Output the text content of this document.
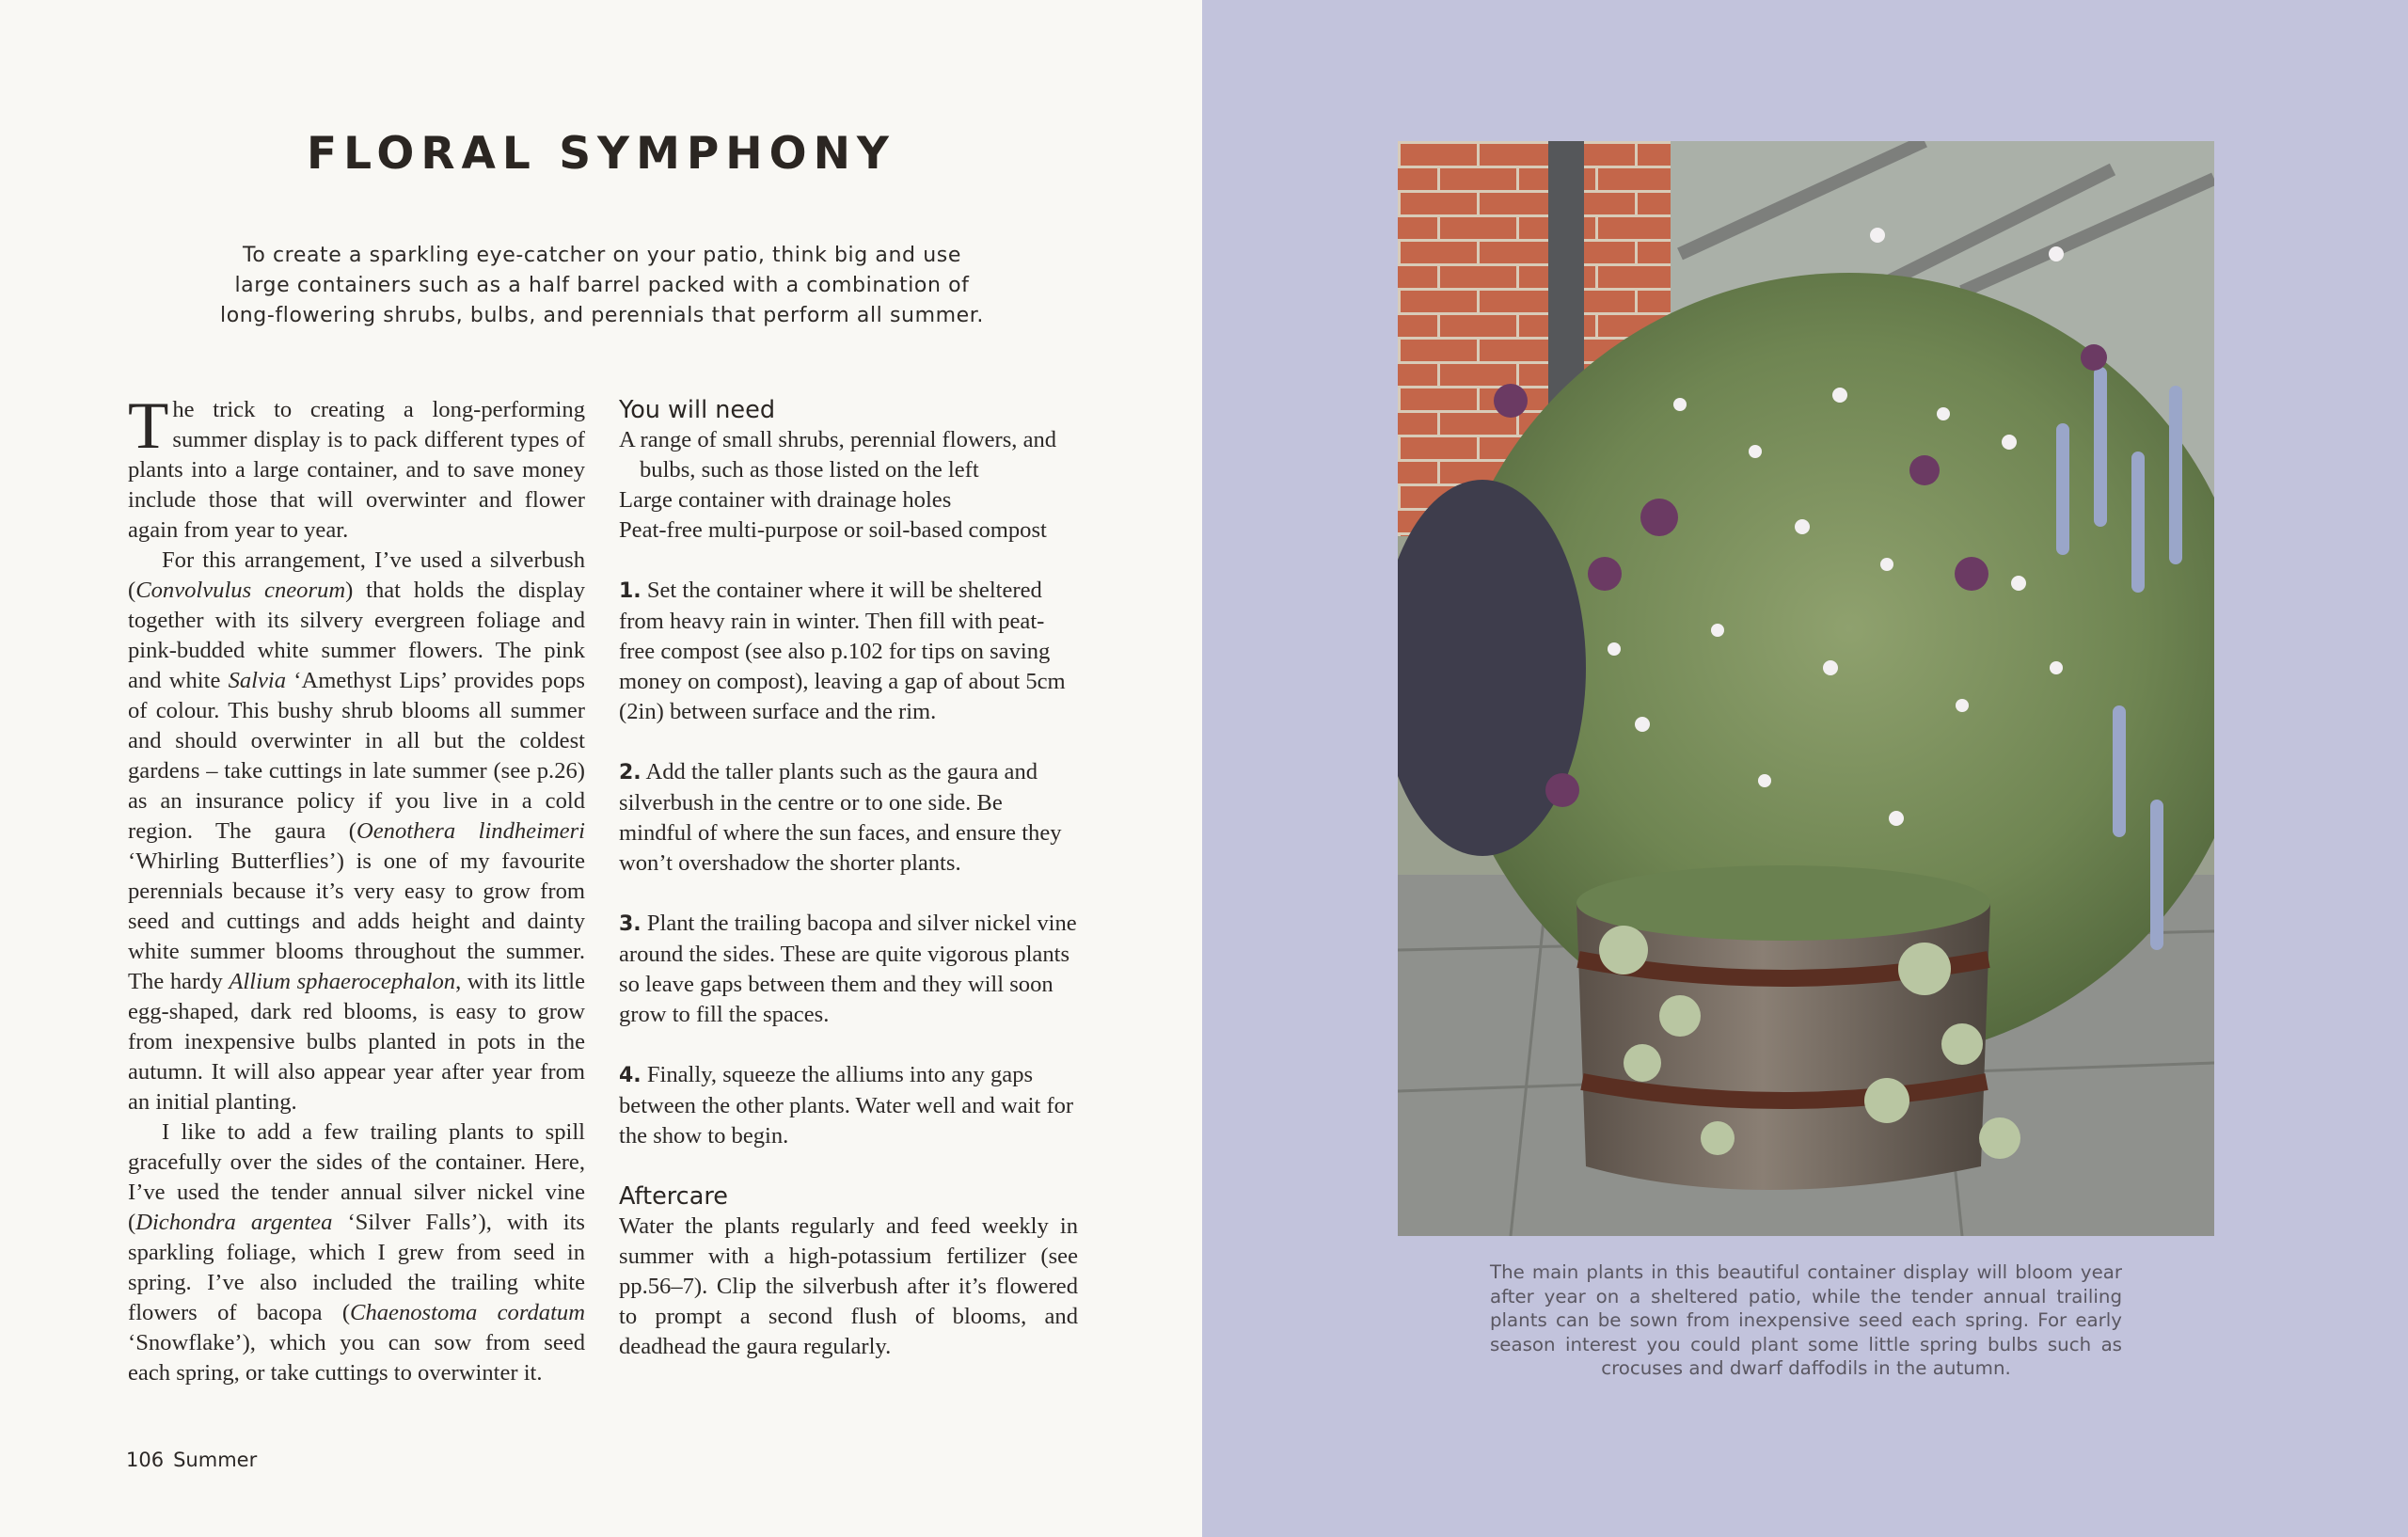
FLORAL SYMPHONY
To create a sparkling eye-catcher on your patio, think big and use
large containers such as a half barrel packed with a combination of
long-flowering shrubs, bulbs, and perennials that perform all summer.

The trick to creating a long-performing summer display is to pack different types of plants into a large container, and to save money include those that will overwinter and flower again from year to year.

For this arrangement, I’ve used a silverbush (Convolvulus cneorum) that holds the display together with its silvery evergreen foliage and pink-budded white summer flowers. The pink and white Salvia ‘Amethyst Lips’ provides pops of colour. This bushy shrub blooms all summer and should overwinter in all but the coldest gardens – take cuttings in late summer (see p.26) as an insurance policy if you live in a cold region. The gaura (Oenothera lindheimeri ‘Whirling Butterflies’) is one of my favourite perennials because it’s very easy to grow from seed and cuttings and adds height and dainty white summer blooms throughout the summer. The hardy Allium sphaerocephalon, with its little egg-shaped, dark red blooms, is easy to grow from inexpensive bulbs planted in pots in the autumn. It will also appear year after year from an initial planting.

I like to add a few trailing plants to spill gracefully over the sides of the container. Here, I’ve used the tender annual silver nickel vine (Dichondra argentea ‘Silver Falls’), with its sparkling foliage, which I grew from seed in spring. I’ve also included the trailing white flowers of bacopa (Chaenostoma cordatum ‘Snowflake’), which you can sow from seed each spring, or take cuttings to overwinter it.

You will need

A range of small shrubs, perennial flowers, and bulbs, such as those listed on the left

Large container with drainage holes

Peat-free multi-purpose or soil-based compost

1. Set the container where it will be sheltered from heavy rain in winter. Then fill with peat-free compost (see also p.102 for tips on saving money on compost), leaving a gap of about 5cm (2in) between surface and the rim.

2. Add the taller plants such as the gaura and silverbush in the centre or to one side. Be mindful of where the sun faces, and ensure they won’t overshadow the shorter plants.

3. Plant the trailing bacopa and silver nickel vine around the sides. These are quite vigorous plants so leave gaps between them and they will soon grow to fill the spaces.

4. Finally, squeeze the alliums into any gaps between the other plants. Water well and wait for the show to begin.

Aftercare

Water the plants regularly and feed weekly in summer with a high-potassium fertilizer (see pp.56–7). Clip the silverbush after it’s flowered to prompt a second flush of blooms, and deadhead the gaura regularly.

106 Summer
The main plants in this beautiful container display will bloom year after year on a sheltered patio, while the tender annual trailing plants can be sown from inexpensive seed each spring. For early season interest you could plant some little spring bulbs such as crocuses and dwarf daffodils in the autumn.
